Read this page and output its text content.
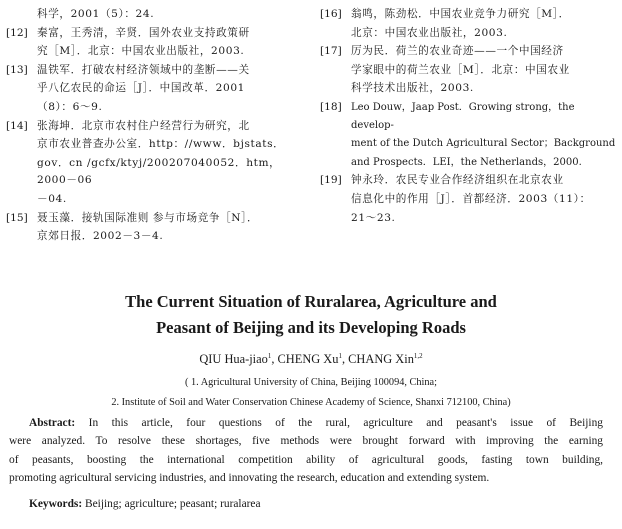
科学，2001（5）：24.
[12] 秦富，王秀清，辛贤．国外农业支持政策研
究［M］．北京：中国农业出版社，2003.
[13] 温铁军．打破农村经济领域中的垄断——关
乎八亿农民的命运［J］．中国改革．2001
（8）：6～9.
[14] 张海坤．北京市农村住户经营行为研究，北
京市农业普查办公室．http：//www．bjstats．
gov．cn /gcfx/ktyj/200207040052．htm，2000－06
－04.
[15] 聂玉藻．接轨国际准则 参与市场竞争［N］．
京郊日报．2002－3－4.
[16] 翁鸣，陈劲松．中国农业竞争力研究［M］．
北京：中国农业出版社，2003.
[17] 厉为民．荷兰的农业奇迹——一个中国经济
学家眼中的荷兰农业［M］．北京：中国农业
科学技术出版社，2003.
[18] Leo Douw，Jaap Post．Growing strong，the develop-
ment of the Dutch Agricultural Sector；Background
and Prospects．LEI，the Netherlands，2000.
[19] 钟永玲．农民专业合作经济组织在北京农业
信息化中的作用［J］．首都经济．2003（11）：
21～23.
The Current Situation of Ruralarea, Agriculture and
Peasant of Beijing and its Developing Roads
QIU Hua-jiao$^1$, CHENG Xu$^1$, CHANG Xin$^{1,2}$
( 1. Agricultural University of China, Beijing 100094, China;
2. Institute of Soil and Water Conservation Chinese Academy of Science, Shanxi 712100, China)
Abstract: In this article, four questions of the rural, agriculture and peasant's issue of Beijing
were analyzed. To resolve these shortages, five methods were brought forward with improving the earning
of peasants, boosting the international competition ability of agricultural goods, fasting town building,
promoting agricultural servicing industries, and innovating the research, education and extending system.
Keywords: Beijing; agriculture; peasant; ruralarea
